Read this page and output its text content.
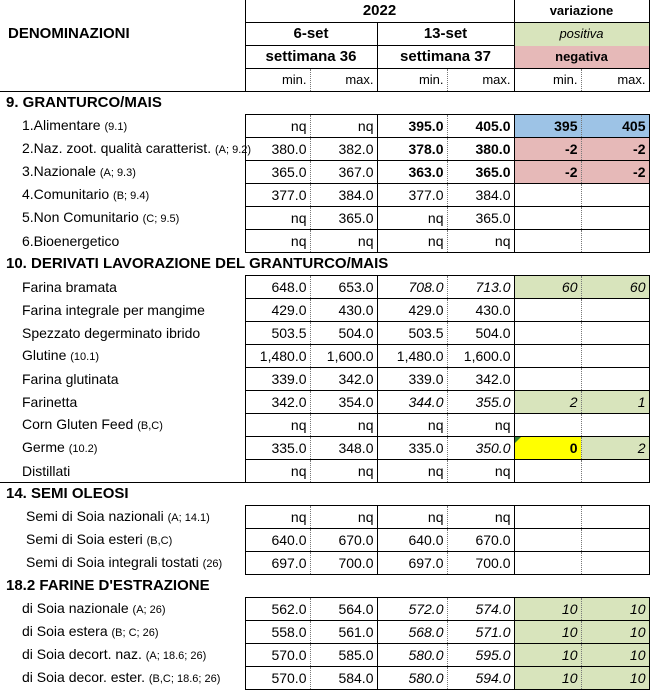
DENOMINAZIONI	2022				variazione	
	6-set		13-set		positiva	
	settimana 36		settimana 37		negativa	
	min.	max.	min.	max.	min.	max.
9. GRANTURCO/MAIS						
1.Alimentare (9.1)	nq	nq	395.0	405.0	395	405
2.Naz. zoot. qualità caratterist. (A; 9.2)	380.0	382.0	378.0	380.0	-2	-2
3.Nazionale (A; 9.3)	365.0	367.0	363.0	365.0	-2	-2
4.Comunitario (B; 9.4)	377.0	384.0	377.0	384.0		
5.Non Comunitario (C; 9.5)	nq	365.0	nq	365.0		
6.Bioenergetico	nq	nq	nq	nq		
10. DERIVATI LAVORAZIONE DEL GRANTURCO/MAIS						
Farina bramata	648.0	653.0	708.0	713.0	60	60
Farina integrale per mangime	429.0	430.0	429.0	430.0		
Spezzato degerminato ibrido	503.5	504.0	503.5	504.0		
Glutine (10.1)	1,480.0	1,600.0	1,480.0	1,600.0		
Farina glutinata	339.0	342.0	339.0	342.0		
Farinetta	342.0	354.0	344.0	355.0	2	1
Corn Gluten Feed (B,C)	nq	nq	nq	nq		
Germe (10.2)	335.0	348.0	335.0	350.0	0	2
Distillati	nq	nq	nq	nq		
14. SEMI OLEOSI						
Semi di Soia nazionali (A; 14.1)	nq	nq	nq	nq		
Semi di Soia esteri (B,C)	640.0	670.0	640.0	670.0		
Semi di Soia integrali tostati (26)	697.0	700.0	697.0	700.0		
18.2 FARINE D'ESTRAZIONE						
di Soia nazionale (A; 26)	562.0	564.0	572.0	574.0	10	10
di Soia estera (B; C; 26)	558.0	561.0	568.0	571.0	10	10
di Soia decort. naz. (A; 18.6; 26)	570.0	585.0	580.0	595.0	10	10
di Soia decor. ester. (B,C; 18.6; 26)	570.0	584.0	580.0	594.0	10	10
